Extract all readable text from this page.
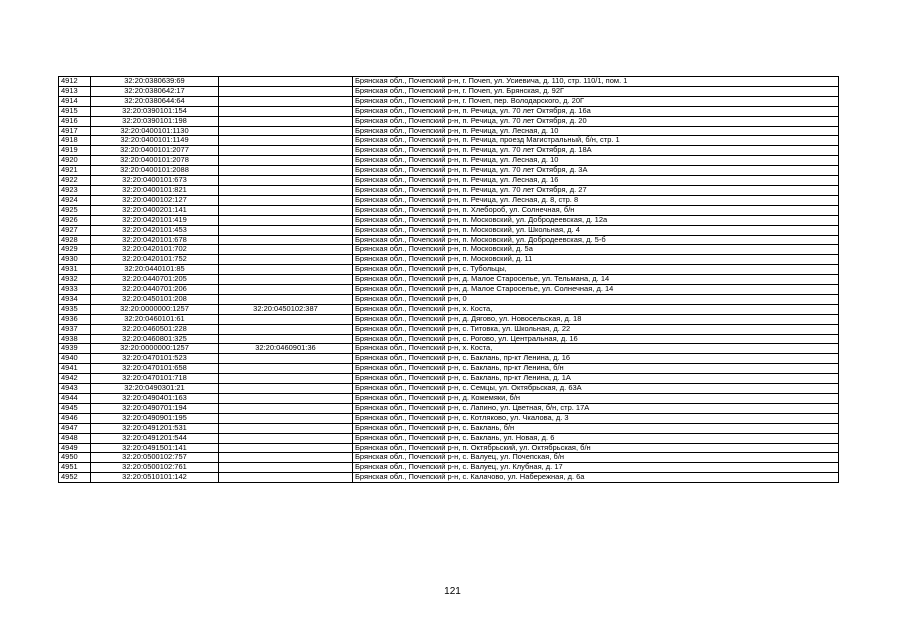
4912	32:20:0380639:69		Брянская обл., Почепский р-н, г. Почеп, ул. Усиевича, д. 110, стр. 110/1, пом. 1
4913	32:20:0380642:17		Брянская обл., Почепский р-н, г. Почеп, ул. Брянская, д. 92Г
4914	32:20:0380644:64		Брянская обл., Почепский р-н, г. Почеп, пер. Володарского, д. 20Г
4915	32:20:0390101:154		Брянская обл., Почепский р-н, п. Речица, ул. 70 лет Октября, д. 16а
4916	32:20:0390101:198		Брянская обл., Почепский р-н, п. Речица, ул. 70 лет Октября, д. 20
4917	32:20:0400101:1130		Брянская обл., Почепский р-н, п. Речица, ул. Лесная, д. 10
4918	32:20:0400101:1149		Брянская обл., Почепский р-н, п. Речица, проезд Магистральный, б/н, стр. 1
4919	32:20:0400101:2077		Брянская обл., Почепский р-н, п. Речица, ул. 70 лет Октября, д. 18А
4920	32:20:0400101:2078		Брянская обл., Почепский р-н, п. Речица, ул. Лесная, д. 10
4921	32:20:0400101:2088		Брянская обл., Почепский р-н, п. Речица, ул. 70 лет Октября, д. 3А
4922	32:20:0400101:673		Брянская обл., Почепский р-н, п. Речица, ул. Лесная, д. 16
4923	32:20:0400101:821		Брянская обл., Почепский р-н, п. Речица, ул. 70 лет Октября, д. 27
4924	32:20:0400102:127		Брянская обл., Почепский р-н, п. Речица, ул. Лесная, д. 8, стр. 8
4925	32:20:0400201:141		Брянская обл., Почепский р-н, п. Хлебороб, ул. Солнечная, б/н
4926	32:20:0420101:419		Брянская обл., Почепский р-н, п. Московский, ул. Добродеевская, д. 12а
4927	32:20:0420101:453		Брянская обл., Почепский р-н, п. Московский, ул. Школьная, д. 4
4928	32:20:0420101:678		Брянская обл., Почепский р-н, п. Московский, ул. Добродеевская, д. 5-б
4929	32:20:0420101:702		Брянская обл., Почепский р-н, п. Московский, д. 5а
4930	32:20:0420101:752		Брянская обл., Почепский р-н, п. Московский, д. 11
4931	32:20:0440101:85		Брянская обл., Почепский р-н, с. Тубольцы,
4932	32:20:0440701:205		Брянская обл., Почепский р-н, д. Малое Староселье, ул. Тельмана, д. 14
4933	32:20:0440701:206		Брянская обл., Почепский р-н, д. Малое Староселье, ул. Солнечная, д. 14
4934	32:20:0450101:208		Брянская обл., Почепский р-н, 0
4935	32:20:0000000:1257	32:20:0450102:387	Брянская обл., Почепский р-н, х. Коста,
4936	32:20:0460101:61		Брянская обл., Почепский р-н, д. Дягово, ул. Новосельская, д. 18
4937	32:20:0460501:228		Брянская обл., Почепский р-н, с. Титовка, ул. Школьная, д. 22
4938	32:20:0460801:325		Брянская обл., Почепский р-н, с. Рогово, ул. Центральная, д. 16
4939	32:20:0000000:1257	32:20:0460901:36	Брянская обл., Почепский р-н, х. Коста,
4940	32:20:0470101:523		Брянская обл., Почепский р-н, с. Баклань, пр-кт Ленина, д. 16
4941	32:20:0470101:658		Брянская обл., Почепский р-н, с. Баклань, пр-кт Ленина, б/н
4942	32:20:0470101:718		Брянская обл., Почепский р-н, с. Баклань, пр-кт Ленина, д. 1А
4943	32:20:0490301:21		Брянская обл., Почепский р-н, с. Семцы, ул. Октябрьская, д. 63А
4944	32:20:0490401:163		Брянская обл., Почепский р-н, д. Кожемяки, б/н
4945	32:20:0490701:194		Брянская обл., Почепский р-н, с. Лапино, ул. Цветная, б/н, стр. 17А
4946	32:20:0490901:195		Брянская обл., Почепский р-н, с. Котляково, ул. Чкалова, д. 3
4947	32:20:0491201:531		Брянская обл., Почепский р-н, с. Баклань, б/н
4948	32:20:0491201:544		Брянская обл., Почепский р-н, с. Баклань, ул. Новая, д. 6
4949	32:20:0491501:141		Брянская обл., Почепский р-н, п. Октябрьский, ул. Октябрьская, б/н
4950	32:20:0500102:757		Брянская обл., Почепский р-н, с. Валуец, ул. Почепская, б/н
4951	32:20:0500102:761		Брянская обл., Почепский р-н, с. Валуец, ул. Клубная, д. 17
4952	32:20:0510101:142		Брянская обл., Почепский р-н, с. Калачово, ул. Набережная, д. 6а
121
